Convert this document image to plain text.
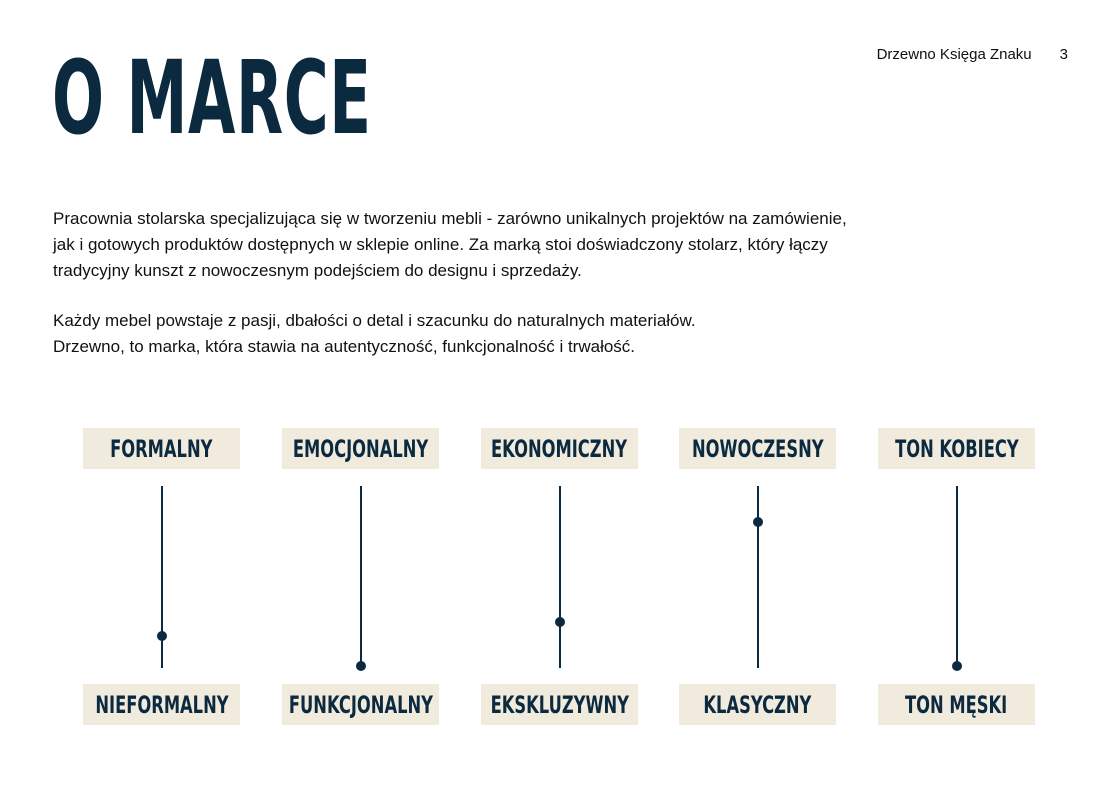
Drzewno Księga Znaku 3
O MARCE

Pracownia stolarska specjalizująca się w tworzeniu mebli - zarówno unikalnych projektów na zamówienie,
jak i gotowych produktów dostępnych w sklepie online. Za marką stoi doświadczony stolarz, który łączy
tradycyjny kunszt z nowoczesnym podejściem do designu i sprzedaży.

Każdy mebel powstaje z pasji, dbałości o detal i szacunku do naturalnych materiałów.
Drzewno, to marka, która stawia na autentyczność, funkcjonalność i trwałość.

FORMALNY
NIEFORMALNY
EMOCJONALNY
FUNKCJONALNY
EKONOMICZNY
EKSKLUZYWNY
NOWOCZESNY
KLASYCZNY
TON KOBIECY
TON MĘSKI
